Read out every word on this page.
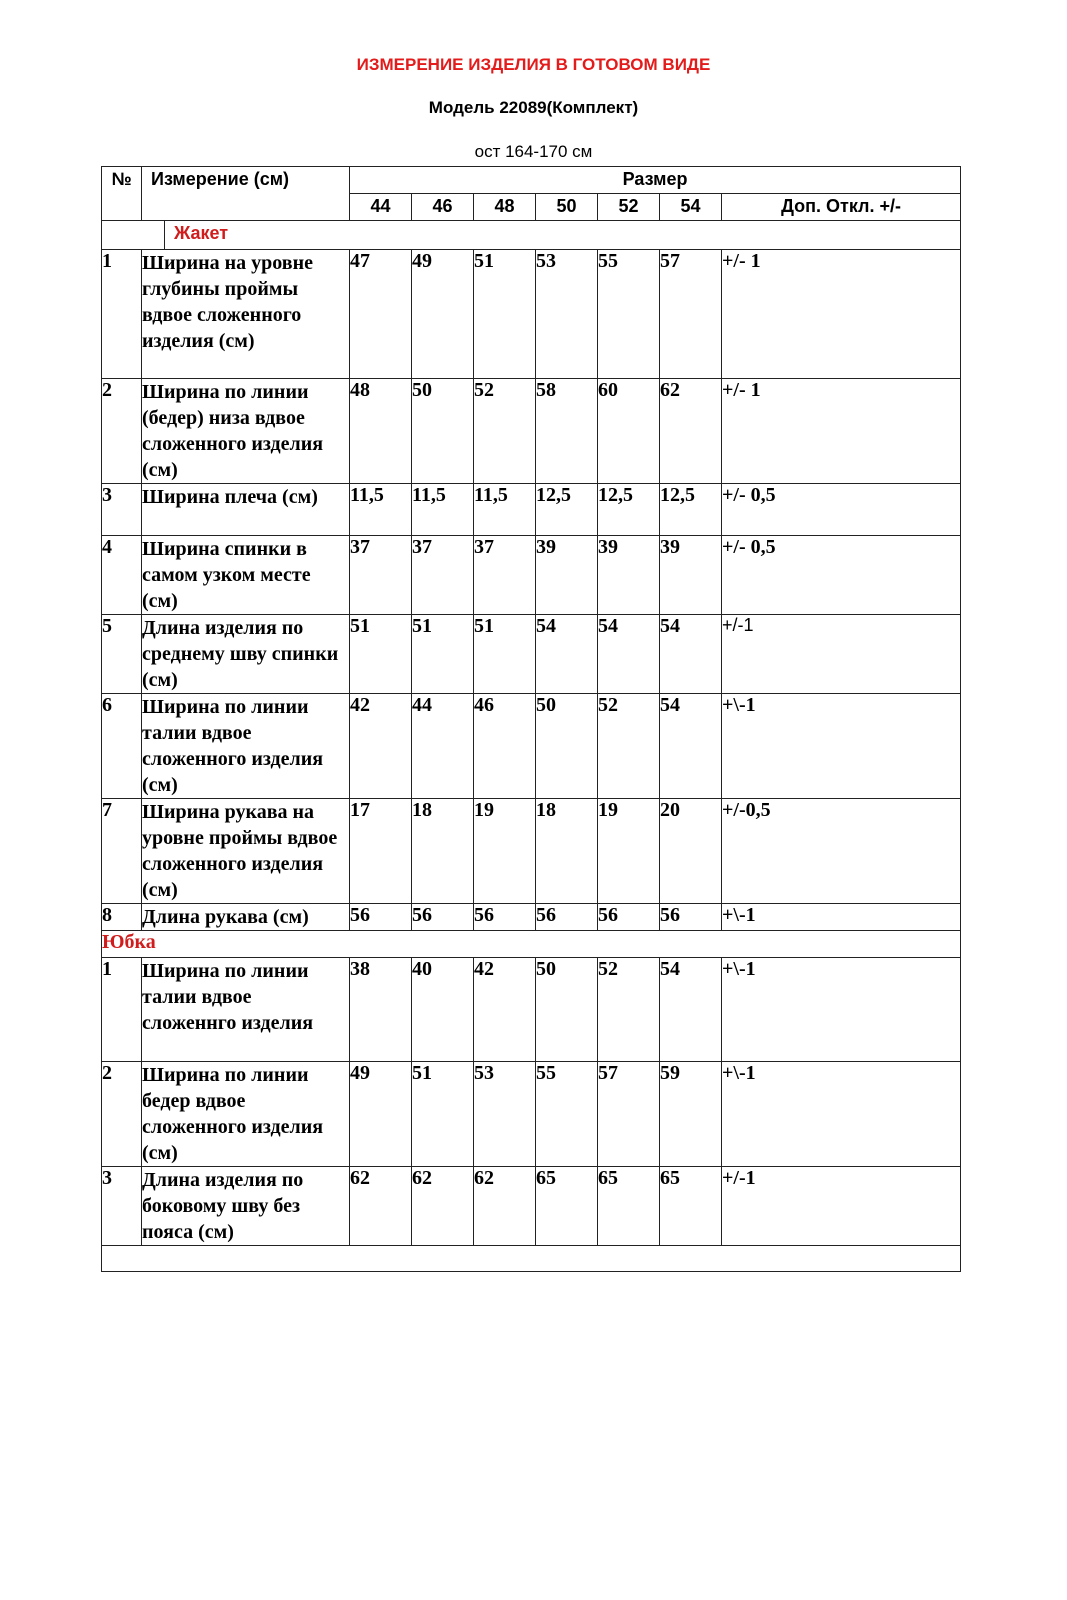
ИЗМЕРЕНИЕ ИЗДЕЛИЯ В ГОТОВОМ ВИДЕ
Модель 22089(Комплект)
ост 164-170 см
№	Измерение (см)	Размер						
		44	46	48	50	52	54	Доп. Откл. +/-

Жакет								

1	Ширина на уровне глубины проймы вдвое сложенного изделия (см)	47	49	51	53	55	57	+/- 1
2	Ширина по линии (бедер) низа вдвое сложенного изделия (см)	48	50	52	58	60	62	+/- 1
3	Ширина плеча (см)	11,5	11,5	11,5	12,5	12,5	12,5	+/- 0,5
4	Ширина спинки в самом узком месте (см)	37	37	37	39	39	39	+/- 0,5
5	Длина изделия по среднему шву спинки (см)	51	51	51	54	54	54	+/-1
6	Ширина по линии талии вдвое сложенного изделия (см)	42	44	46	50	52	54	+\-1
7	Ширина рукава на уровне проймы вдвое сложенного изделия (см)	17	18	19	18	19	20	+/-0,5
8	Длина рукава (см)	56	56	56	56	56	56	+\-1
Юбка								
1	Ширина по линии талии вдвое сложеннго изделия	38	40	42	50	52	54	+\-1
2	Ширина по линии бедер вдвое сложенного изделия (см)	49	51	53	55	57	59	+\-1
3	Длина изделия по боковому шву без пояса (см)	62	62	62	65	65	65	+/-1
